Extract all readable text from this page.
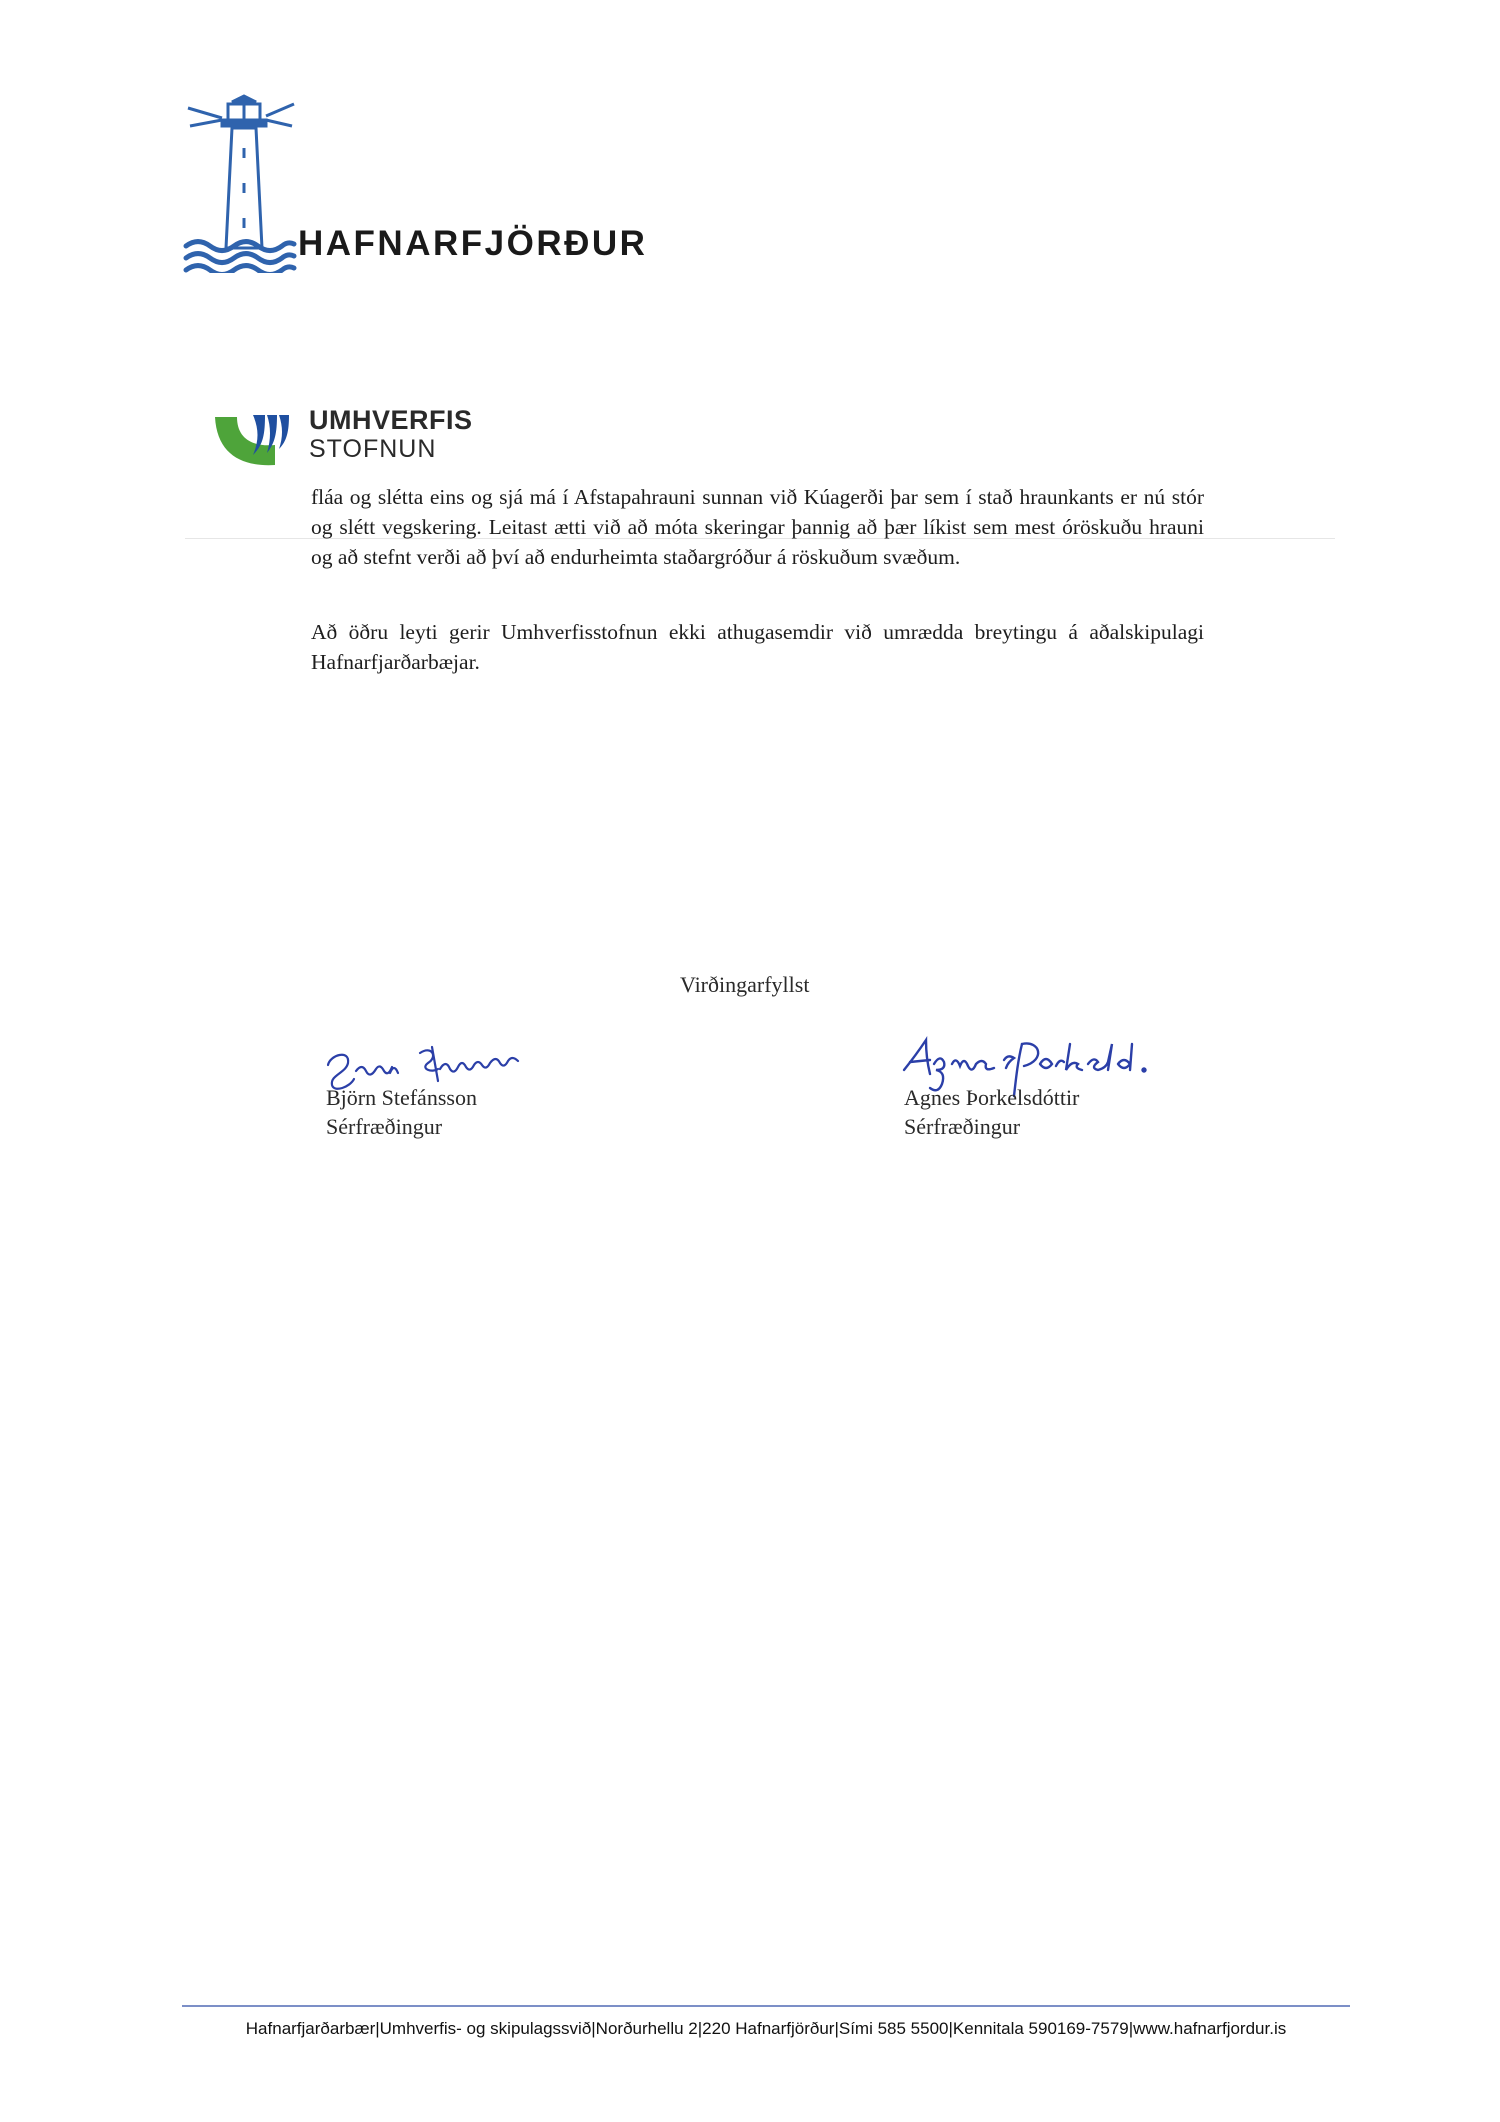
HAFNARFJÖRÐUR
UMHVERFIS
STOFNUN
fláa og slétta eins og sjá má í Afstapahrauni sunnan við Kúagerði þar sem í stað hraunkants er nú stór og slétt vegskering. Leitast ætti við að móta skeringar þannig að þær líkist sem mest óröskuðu hrauni og að stefnt verði að því að endurheimta staðargróður á röskuðum svæðum.
Að öðru leyti gerir Umhverfisstofnun ekki athugasemdir við umrædda breytingu á aðalskipulagi Hafnarfjarðarbæjar.
Virðingarfyllst
Björn Stefánsson
Sérfræðingur
Agnes Þorkelsdóttir
Sérfræðingur
Hafnarfjarðarbær|Umhverfis- og skipulagssvið|Norðurhellu 2|220 Hafnarfjörður|Sími 585 5500|Kennitala 590169-7579|www.hafnarfjordur.is
